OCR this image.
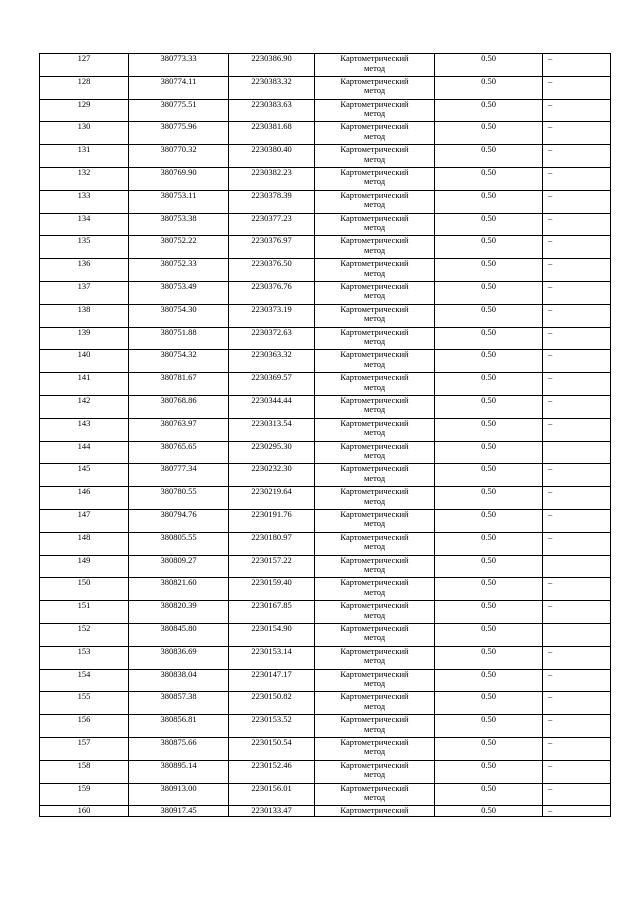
127	380773.33	2230386.90	Картометрический
метод	0.50	–
128	380774.11	2230383.32	Картометрический
метод	0.50	–
129	380775.51	2230383.63	Картометрический
метод	0.50	–
130	380775.96	2230381.68	Картометрический
метод	0.50	–
131	380770.32	2230380.40	Картометрический
метод	0.50	–
132	380769.90	2230382.23	Картометрический
метод	0.50	–
133	380753.11	2230378.39	Картометрический
метод	0.50	–
134	380753.38	2230377.23	Картометрический
метод	0.50	–
135	380752.22	2230376.97	Картометрический
метод	0.50	–
136	380752.33	2230376.50	Картометрический
метод	0.50	–
137	380753.49	2230376.76	Картометрический
метод	0.50	–
138	380754.30	2230373.19	Картометрический
метод	0.50	–
139	380751.88	2230372.63	Картометрический
метод	0.50	–
140	380754.32	2230363.32	Картометрический
метод	0.50	–
141	380781.67	2230369.57	Картометрический
метод	0.50	–
142	380768.86	2230344.44	Картометрический
метод	0.50	–
143	380763.97	2230313.54	Картометрический
метод	0.50	–
144	380765.65	2230295.30	Картометрический
метод	0.50	
145	380777.34	2230232.30	Картометрический
метод	0.50	–
146	380780.55	2230219.64	Картометрический
метод	0.50	–
147	380794.76	2230191.76	Картометрический
метод	0.50	–
148	380805.55	2230180.97	Картометрический
метод	0.50	–
149	380809.27	2230157.22	Картометрический
метод	0.50	
150	380821.60	2230159.40	Картометрический
метод	0.50	–
151	380820.39	2230167.85	Картометрический
метод	0.50	–
152	380845.80	2230154.90	Картометрический
метод	0.50	
153	380836.69	2230153.14	Картометрический
метод	0.50	–
154	380838.04	2230147.17	Картометрический
метод	0.50	–
155	380857.38	2230150.82	Картометрический
метод	0.50	–
156	380856.81	2230153.52	Картометрический
метод	0.50	–
157	380875.66	2230150.54	Картометрический
метод	0.50	–
158	380895.14	2230152.46	Картометрический
метод	0.50	–
159	380913.00	2230156.01	Картометрический
метод	0.50	–
160	380917.45	2230133.47	Картометрический	0.50	–
